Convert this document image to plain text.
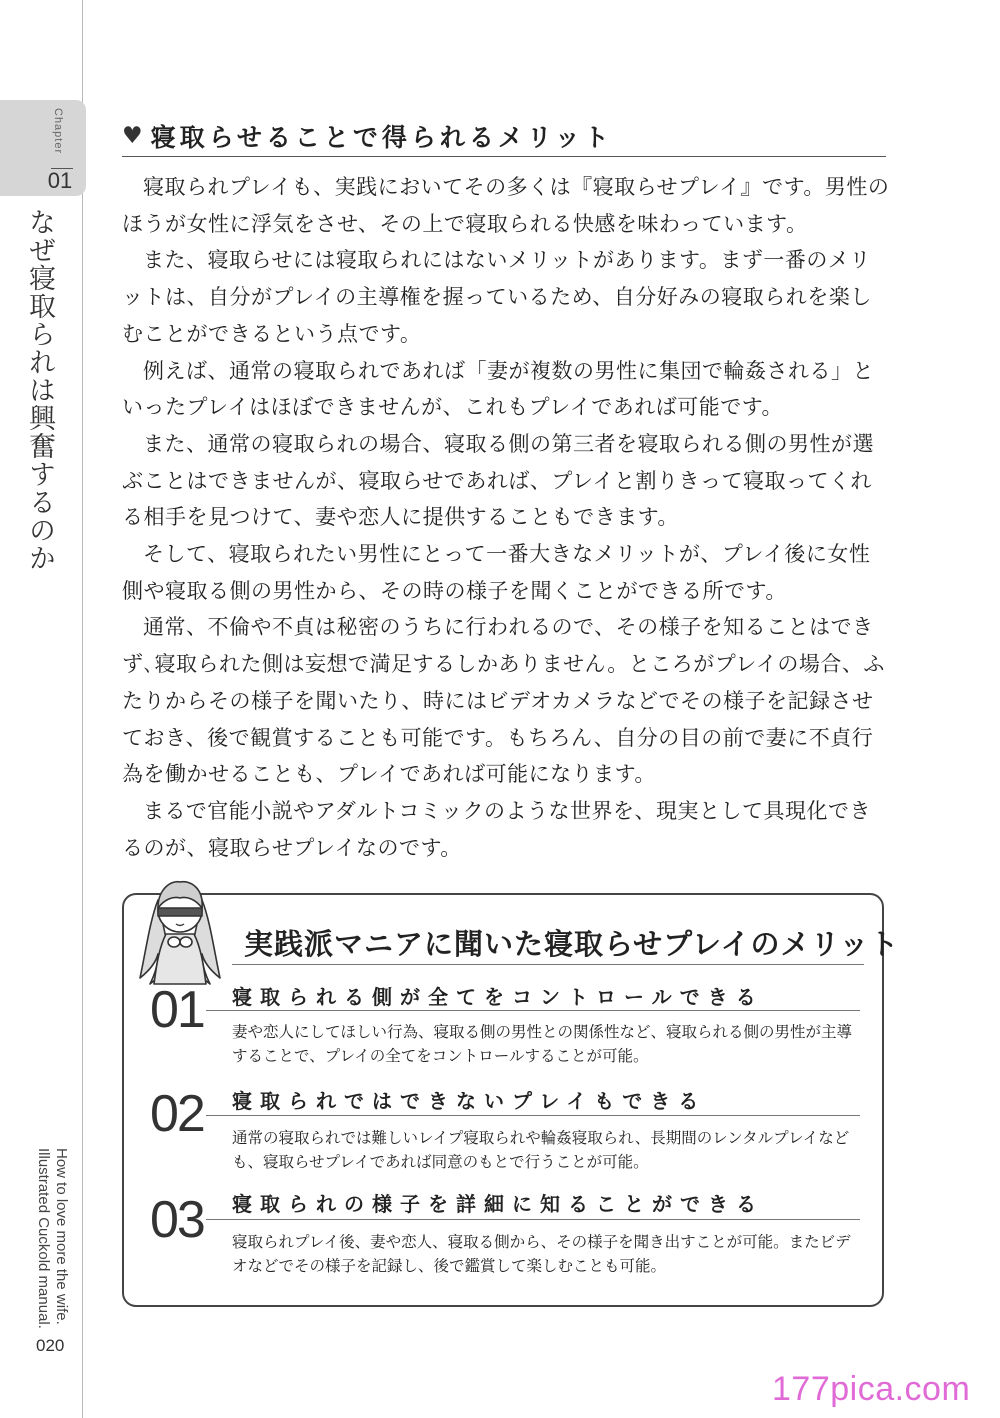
Chapter
01
なぜ寝取られは興奮するのか
How to love more the wife.
Illustrated Cuckold manual.
020
♥ 寝取らせることで得られるメリット

寝取られプレイも、実践においてその多くは『寝取らせプレイ』です。男性のほうが女性に浮気をさせ、その上で寝取られる快感を味わっています。

また、寝取らせには寝取られにはないメリットがあります。まず一番のメリットは、自分がプレイの主導権を握っているため、自分好みの寝取られを楽しむことができるという点です。

例えば、通常の寝取られであれば「妻が複数の男性に集団で輪姦される」といったプレイはほぼできませんが、これもプレイであれば可能です。

また、通常の寝取られの場合、寝取る側の第三者を寝取られる側の男性が選ぶことはできませんが、寝取らせであれば、プレイと割りきって寝取ってくれる相手を見つけて、妻や恋人に提供することもできます。

そして、寝取られたい男性にとって一番大きなメリットが、プレイ後に女性側や寝取る側の男性から、その時の様子を聞くことができる所です。

通常、不倫や不貞は秘密のうちに行われるので、その様子を知ることはできず､寝取られた側は妄想で満足するしかありません。ところがプレイの場合、ふたりからその様子を聞いたり、時にはビデオカメラなどでその様子を記録させておき、後で観賞することも可能です。もちろん、自分の目の前で妻に不貞行為を働かせることも、プレイであれば可能になります。

まるで官能小説やアダルトコミックのような世界を、現実として具現化できるのが、寝取らせプレイなのです。

実践派マニアに聞いた寝取らせプレイのメリット
01	寝取られる側が全てをコントロールできる
妻や恋人にしてほしい行為、寝取る側の男性との関係性など、寝取られる側の男性が主導することで、プレイの全てをコントロールすることが可能。
02	寝取られではできないプレイもできる
通常の寝取られでは難しいレイプ寝取られや輪姦寝取られ、長期間のレンタルプレイなども、寝取らせプレイであれば同意のもとで行うことが可能。
03	寝取られの様子を詳細に知ることができる
寝取られプレイ後、妻や恋人、寝取る側から、その様子を聞き出すことが可能。またビデオなどでその様子を記録し、後で鑑賞して楽しむことも可能。
177pica.com
